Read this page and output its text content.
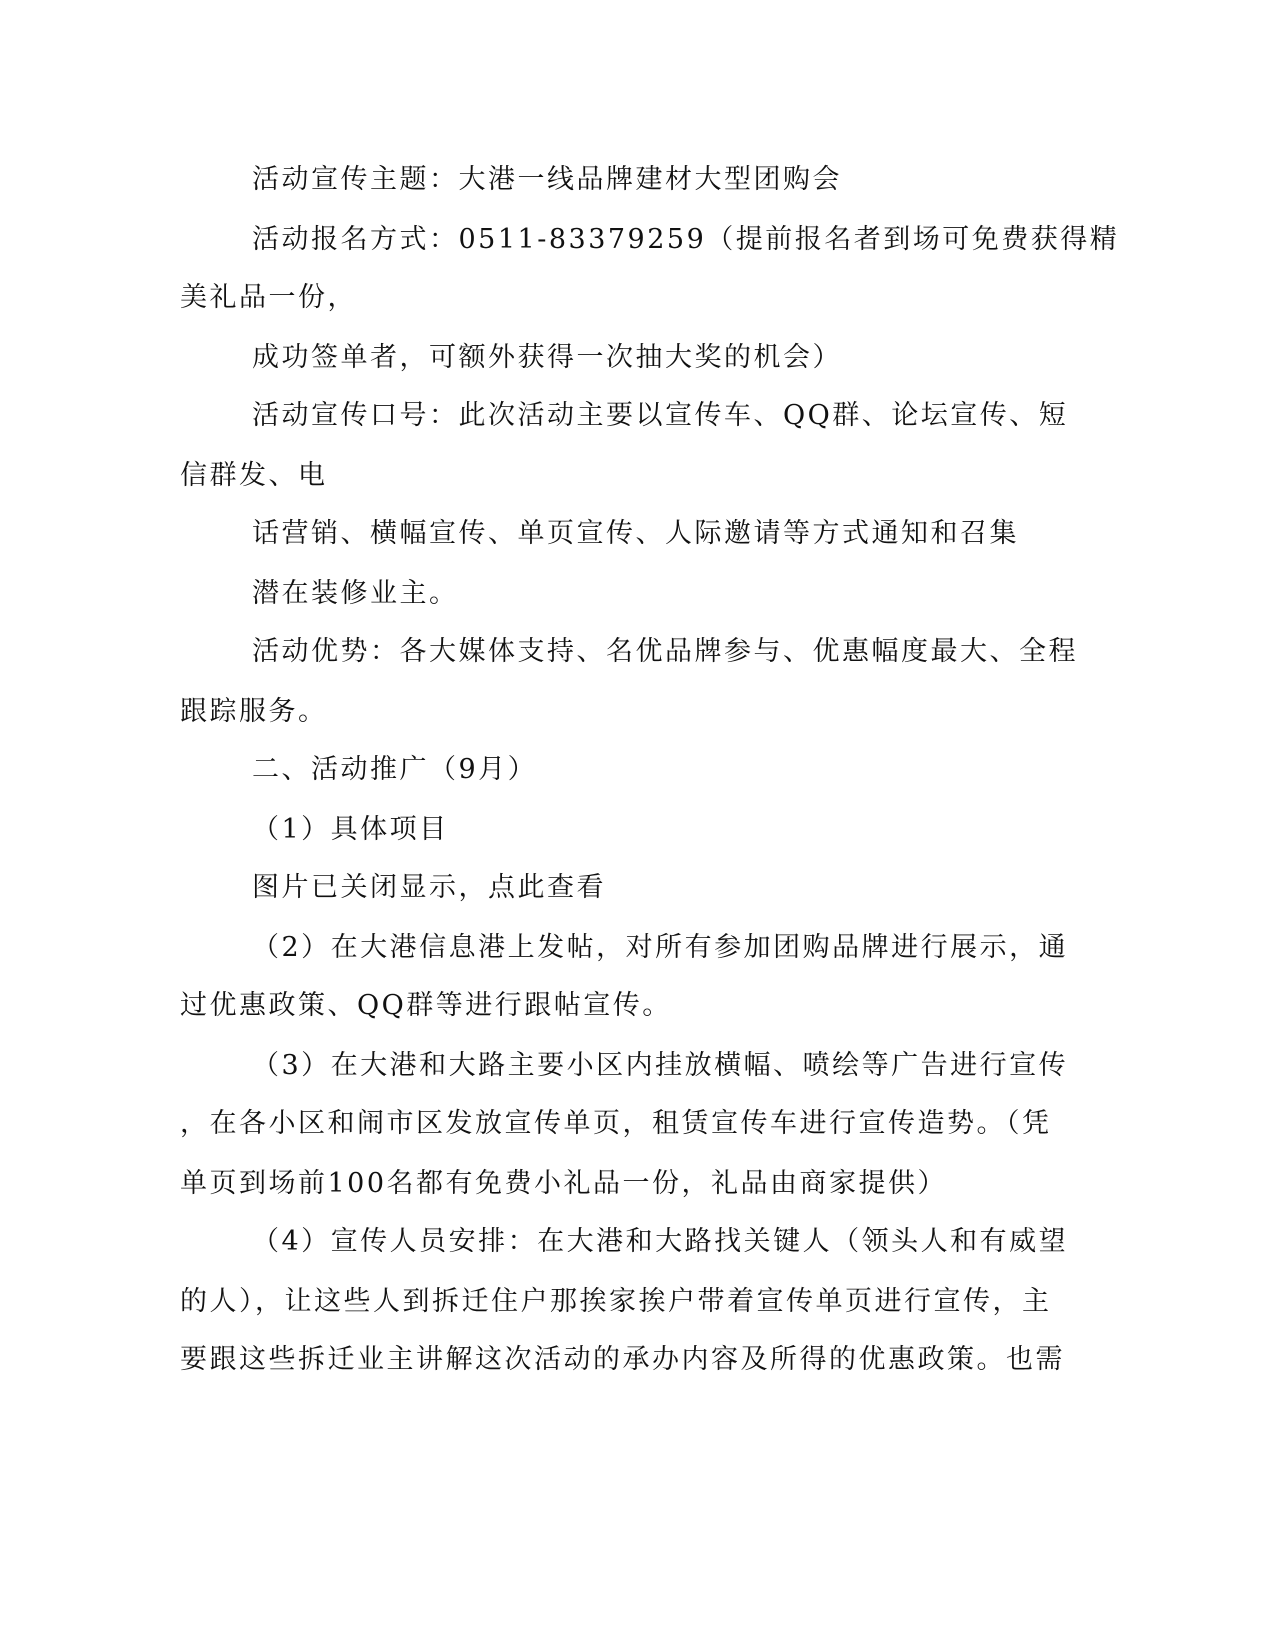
活动宣传主题：大港一线品牌建材大型团购会
活动报名方式：0511-83379259（提前报名者到场可免费获得精
美礼品一份，
成功签单者，可额外获得一次抽大奖的机会）
活动宣传口号：此次活动主要以宣传车、QQ群、论坛宣传、短
信群发、电
话营销、横幅宣传、单页宣传、人际邀请等方式通知和召集
潜在装修业主。
活动优势：各大媒体支持、名优品牌参与、优惠幅度最大、全程
跟踪服务。
二、活动推广（9月）
（1）具体项目
图片已关闭显示，点此查看
（2）在大港信息港上发帖，对所有参加团购品牌进行展示，通
过优惠政策、QQ群等进行跟帖宣传。
（3）在大港和大路主要小区内挂放横幅、喷绘等广告进行宣传
，在各小区和闹市区发放宣传单页，租赁宣传车进行宣传造势。（凭
单页到场前100名都有免费小礼品一份，礼品由商家提供）
（4）宣传人员安排：在大港和大路找关键人（领头人和有威望
的人），让这些人到拆迁住户那挨家挨户带着宣传单页进行宣传，主
要跟这些拆迁业主讲解这次活动的承办内容及所得的优惠政策。也需
